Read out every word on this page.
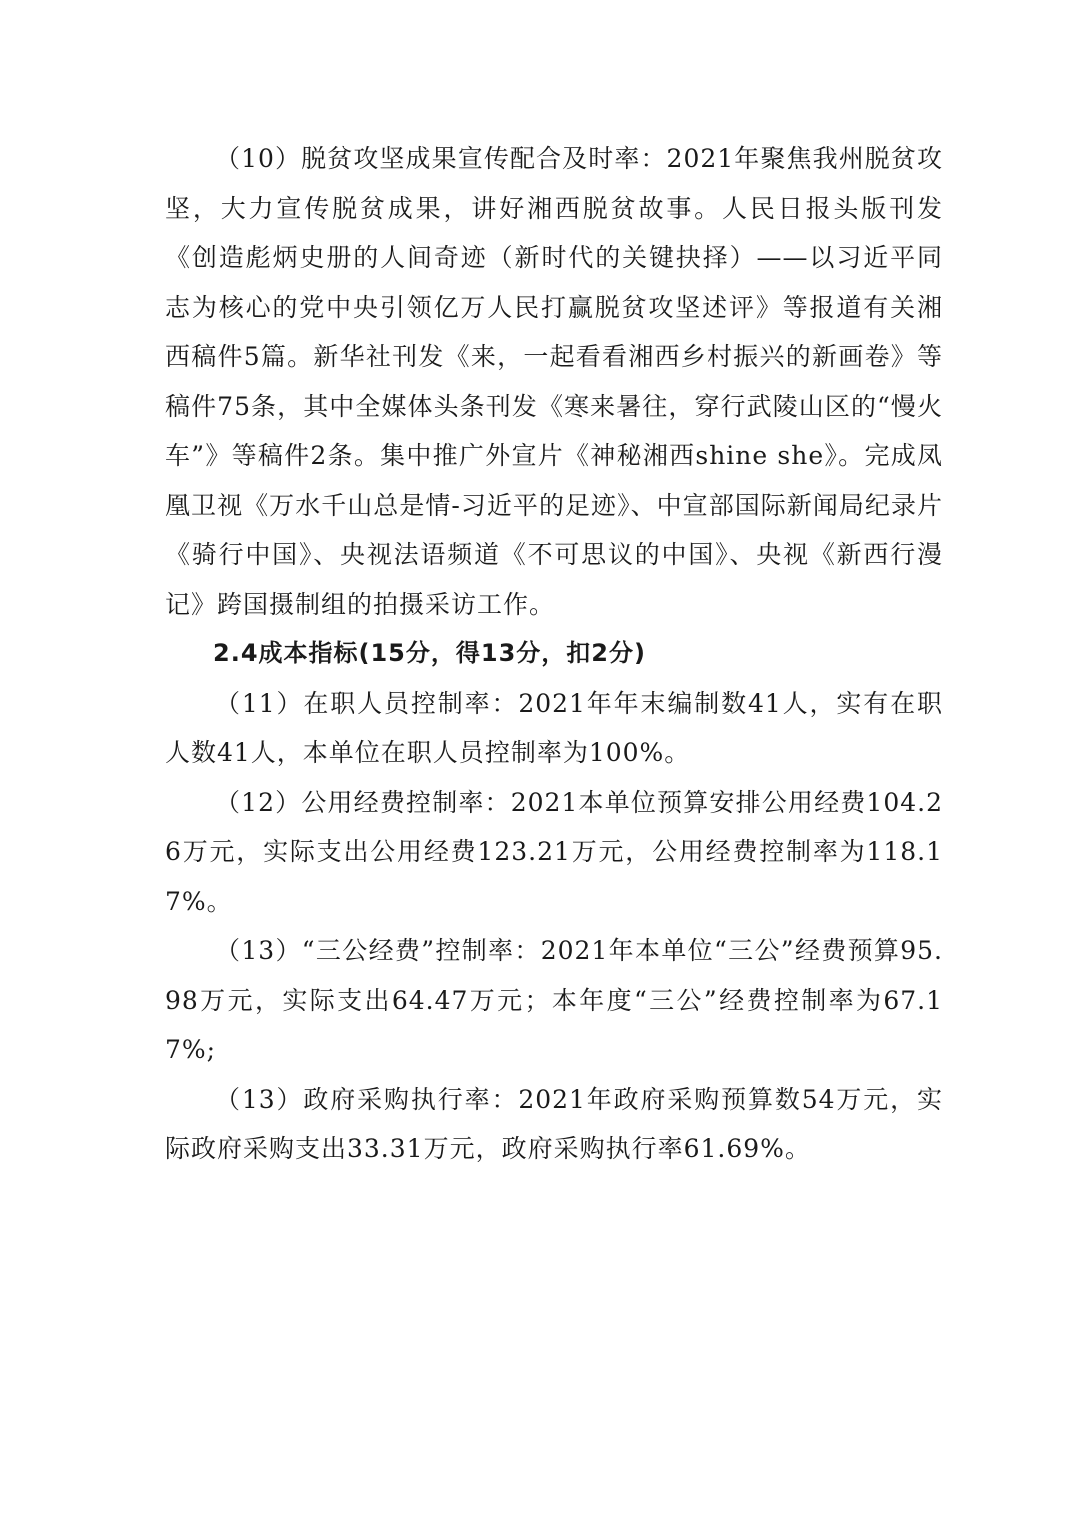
（10）脱贫攻坚成果宣传配合及时率：2021年聚焦我州脱贫攻坚，大力宣传脱贫成果，讲好湘西脱贫故事。人民日报头版刊发《创造彪炳史册的人间奇迹（新时代的关键抉择）——以习近平同志为核心的党中央引领亿万人民打赢脱贫攻坚述评》等报道有关湘西稿件5篇。新华社刊发《来，一起看看湘西乡村振兴的新画卷》等稿件75条，其中全媒体头条刊发《寒来暑往，穿行武陵山区的“慢火车”》等稿件2条。集中推广外宣片《神秘湘西shine she》。完成凤凰卫视《万水千山总是情-习近平的足迹》、中宣部国际新闻局纪录片《骑行中国》、央视法语频道《不可思议的中国》、央视《新西行漫记》跨国摄制组的拍摄采访工作。

2.4成本指标(15分，得13分，扣2分)

（11）在职人员控制率：2021年年末编制数41人，实有在职人数41人，本单位在职人员控制率为100%。

（12）公用经费控制率：2021本单位预算安排公用经费104.26万元，实际支出公用经费123.21万元，公用经费控制率为118.17%。

（13）“三公经费”控制率：2021年本单位“三公”经费预算95.98万元，实际支出64.47万元；本年度“三公”经费控制率为67.17%;

（13）政府采购执行率：2021年政府采购预算数54万元，实际政府采购支出33.31万元，政府采购执行率61.69%。
